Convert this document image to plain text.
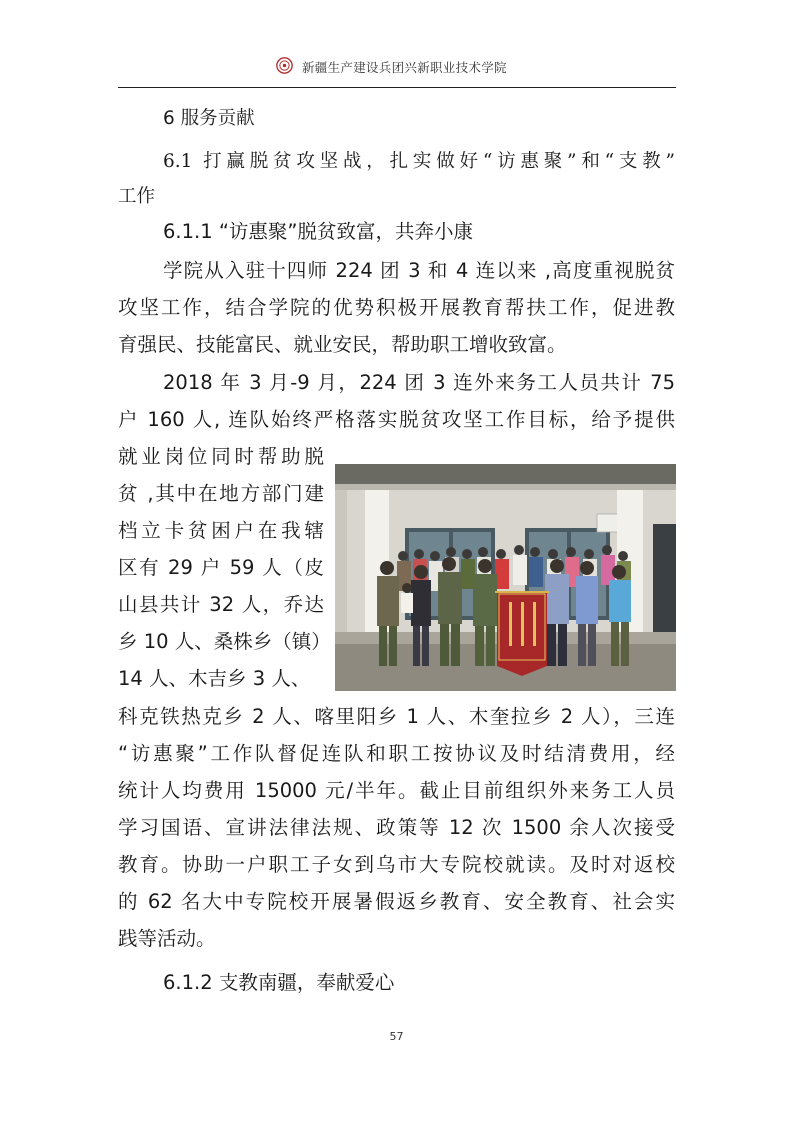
新疆生产建设兵团兴新职业技术学院
6 服务贡献
6.1 打赢脱贫攻坚战，扎实做好“访惠聚”和“支教”
工作
6.1.1 “访惠聚”脱贫致富，共奔小康
学院从入驻十四师 224 团 3 和 4 连以来 ,高度重视脱贫
攻坚工作，结合学院的优势积极开展教育帮扶工作，促进教
育强民、技能富民、就业安民，帮助职工增收致富。
2018 年 3 月-9 月，224 团 3 连外来务工人员共计 75
户 160 人, 连队始终严格落实脱贫攻坚工作目标，给予提供
就业岗位同时帮助脱
贫 ,其中在地方部门建
档立卡贫困户在我辖
区有 29 户 59 人（皮
山县共计 32 人，乔达
乡 10 人、桑株乡（镇）
14 人、木吉乡 3 人、
科克铁热克乡 2 人、喀里阳乡 1 人、木奎拉乡 2 人），三连
“访惠聚”工作队督促连队和职工按协议及时结清费用，经
统计人均费用 15000 元/半年。截止目前组织外来务工人员
学习国语、宣讲法律法规、政策等 12 次 1500 余人次接受
教育。协助一户职工子女到乌市大专院校就读。及时对返校
的 62 名大中专院校开展暑假返乡教育、安全教育、社会实
践等活动。
6.1.2 支教南疆，奉献爱心
57
